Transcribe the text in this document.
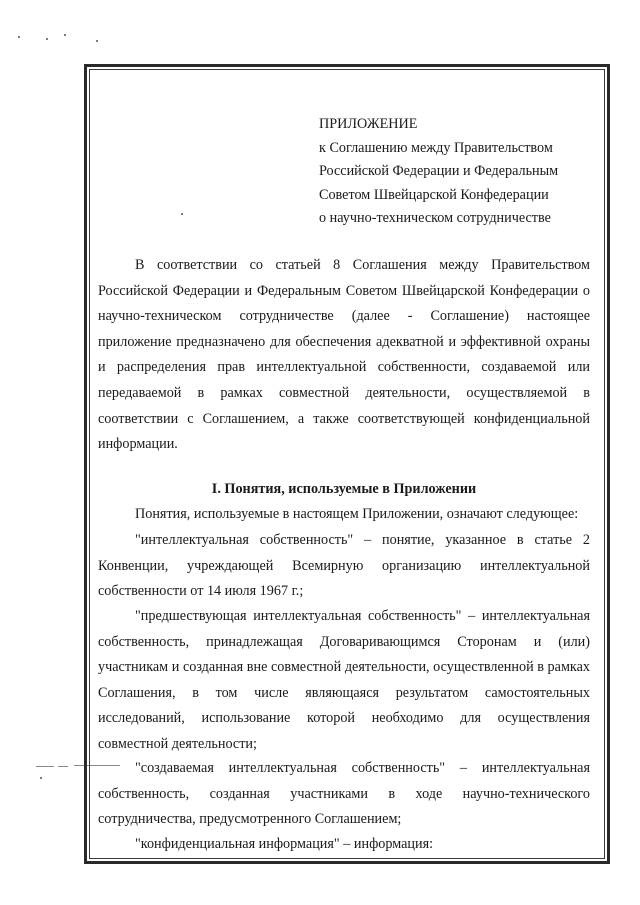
ПРИЛОЖЕНИЕ
к Соглашению между Правительством
Российской Федерации и Федеральным
Советом Швейцарской Конфедерации
о научно-техническом сотрудничестве

В соответствии со статьей 8 Соглашения между Правительством Российской Федерации и Федеральным Советом Швейцарской Конфедерации о научно-техническом сотрудничестве (далее - Соглашение) настоящее приложение предназначено для обеспечения адекватной и эффективной охраны и распределения прав интеллектуальной собственности, создаваемой или передаваемой в рамках совместной деятельности, осуществляемой в соответствии с Соглашением, а также соответствующей конфиденциальной информации.

I. Понятия, используемые в Приложении

Понятия, используемые в настоящем Приложении, означают следующее:

"интеллектуальная собственность" – понятие, указанное в статье 2 Конвенции, учреждающей Всемирную организацию интеллектуальной собственности от 14 июля 1967 г.;

"предшествующая интеллектуальная собственность" – интеллектуальная собственность, принадлежащая Договаривающимся Сторонам и (или) участникам и созданная вне совместной деятельности, осуществленной в рамках Соглашения, в том числе являющаяся результатом самостоятельных исследований, использование которой необходимо для осуществления совместной деятельности;

"создаваемая интеллектуальная собственность" – интеллектуальная собственность, созданная участниками в ходе научно-технического сотрудничества, предусмотренного Соглашением;

"конфиденциальная информация" – информация:
